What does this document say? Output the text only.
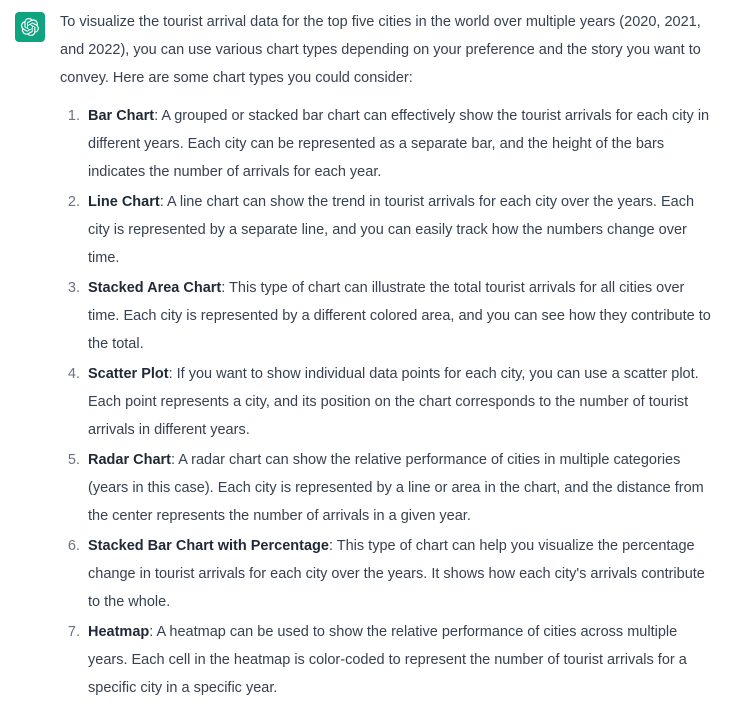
To visualize the tourist arrival data for the top five cities in the world over multiple years (2020, 2021, and 2022), you can use various chart types depending on your preference and the story you want to convey. Here are some chart types you could consider:

Bar Chart: A grouped or stacked bar chart can effectively show the tourist arrivals for each city in different years. Each city can be represented as a separate bar, and the height of the bars indicates the number of arrivals for each year.
Line Chart: A line chart can show the trend in tourist arrivals for each city over the years. Each city is represented by a separate line, and you can easily track how the numbers change over time.
Stacked Area Chart: This type of chart can illustrate the total tourist arrivals for all cities over time. Each city is represented by a different colored area, and you can see how they contribute to the total.
Scatter Plot: If you want to show individual data points for each city, you can use a scatter plot. Each point represents a city, and its position on the chart corresponds to the number of tourist arrivals in different years.
Radar Chart: A radar chart can show the relative performance of cities in multiple categories (years in this case). Each city is represented by a line or area in the chart, and the distance from the center represents the number of arrivals in a given year.
Stacked Bar Chart with Percentage: This type of chart can help you visualize the percentage change in tourist arrivals for each city over the years. It shows how each city's arrivals contribute to the whole.
Heatmap: A heatmap can be used to show the relative performance of cities across multiple years. Each cell in the heatmap is color-coded to represent the number of tourist arrivals for a specific city in a specific year.
